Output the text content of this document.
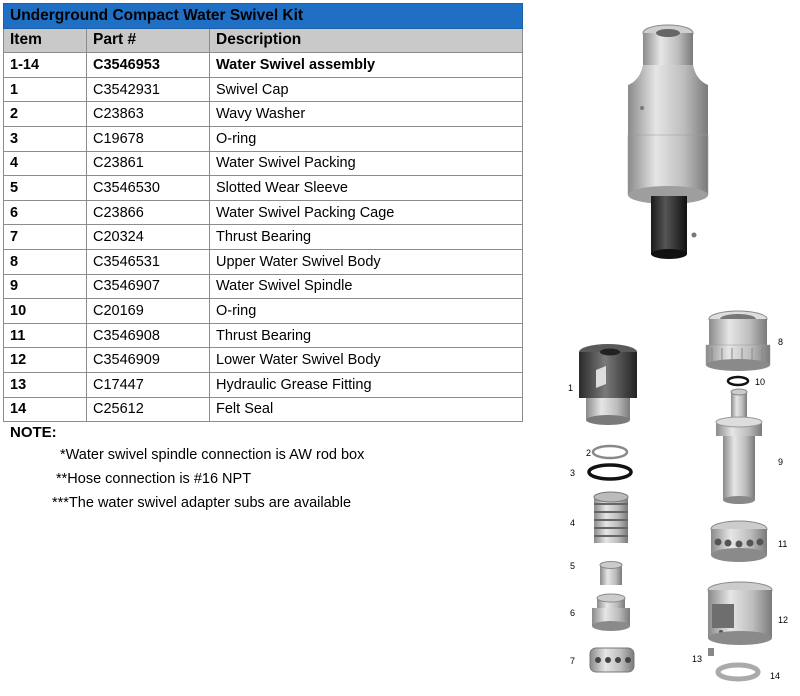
Underground Compact Water Swivel Kit		
Item	Part #	Description
1-14	C3546953	Water Swivel assembly
1	C3542931	Swivel Cap
2	C23863	Wavy Washer
3	C19678	O-ring
4	C23861	Water Swivel Packing
5	C3546530	Slotted Wear Sleeve
6	C23866	Water Swivel Packing Cage
7	C20324	Thrust Bearing
8	C3546531	Upper Water Swivel Body
9	C3546907	Water Swivel Spindle
10	C20169	O-ring
11	C3546908	Thrust Bearing
12	C3546909	Lower Water Swivel Body
13	C17447	Hydraulic Grease Fitting
14	C25612	Felt Seal
NOTE:
*Water swivel spindle connection is AW rod box
**Hose connection is #16 NPT
***The water swivel adapter subs are available
1
2
3
4
5
6
7
8
9
10
11
12
13
14
